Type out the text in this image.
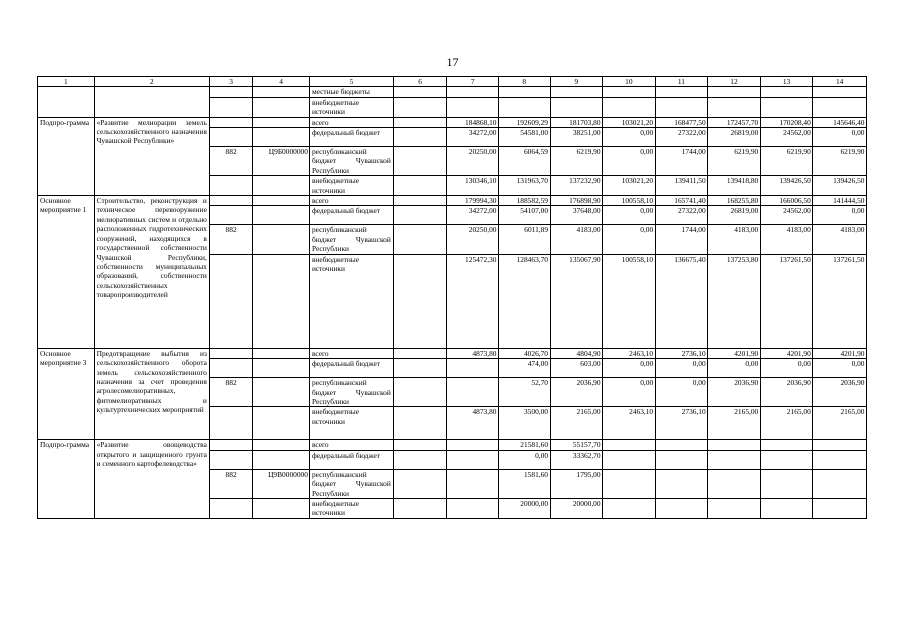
17
1	2	3	4	5	6	7	8	9	10	11	12	13	14
				местные бюджеты									
				внебюджетные источники									
Подпро-грамма	«Развитие мелиорации земель сельскохозяйственного назначения Чувашской Республики»			всего		184868,10	192609,29	181703,80	103021,20	168477,50	172457,70	170208,40	145646,40
				федеральный бюджет		34272,00	54581,00	38251,00	0,00	27322,00	26819,00	24562,00	0,00
		882	Ц9Б0000000	республиканский бюджет Чувашской Республики		20250,00	6064,59	6219,90	0,00	1744,00	6219,90	6219,90	6219,90
				внебюджетные источники		130346,10	131963,70	137232,90	103021,20	139411,50	139418,80	139426,50	139426,50
Основное мероприятие 1	Строительство, реконструкция и техническое перевооружение мелиоративных систем и отдельно расположенных гидротехнических сооружений, находящихся в государственной собственности Чувашской Республики, собственности муниципальных образований, собственности сельскохозяйственных товаропроизводителей			всего		179994,30	188582,59	176898,90	100558,10	165741,40	168255,80	166006,50	141444,50
				федеральный бюджет		34272,00	54107,00	37648,00	0,00	27322,00	26819,00	24562,00	0,00
		882		республиканский бюджет Чувашской Республики		20250,00	6011,89	4183,00	0,00	1744,00	4183,00	4183,00	4183,00
				внебюджетные источники		125472,30	128463,70	135067,90	100558,10	136675,40	137253,80	137261,50	137261,50
Основное мероприятие 3	Предотвращение выбытия из сельскохозяйственного оборота земель сельскохозяйственного назначения за счет проведения агролесомелиоративных, фитомелиоративных и культуртехнических мероприятий			всего		4873,80	4026,70	4804,90	2463,10	2736,10	4201,90	4201,90	4201,90
				федеральный бюджет			474,00	603,00	0,00	0,00	0,00	0,00	0,00
		882		республиканский бюджет Чувашской Республики			52,70	2036,90	0,00	0,00	2036,90	2036,90	2036,90
				внебюджетные источники		4873,80	3500,00	2165,00	2463,10	2736,10	2165,00	2165,00	2165,00
Подпро-грамма	«Развитие овощеводства открытого и защищенного грунта и семенного картофелеводства»			всего			21581,60	55157,70					
				федеральный бюджет			0,00	33362,70					
		882	Ц9В0000000	республиканский бюджет Чувашской Республики			1581,60	1795,00					
				внебюджетные источники			20000,00	20000,00					
